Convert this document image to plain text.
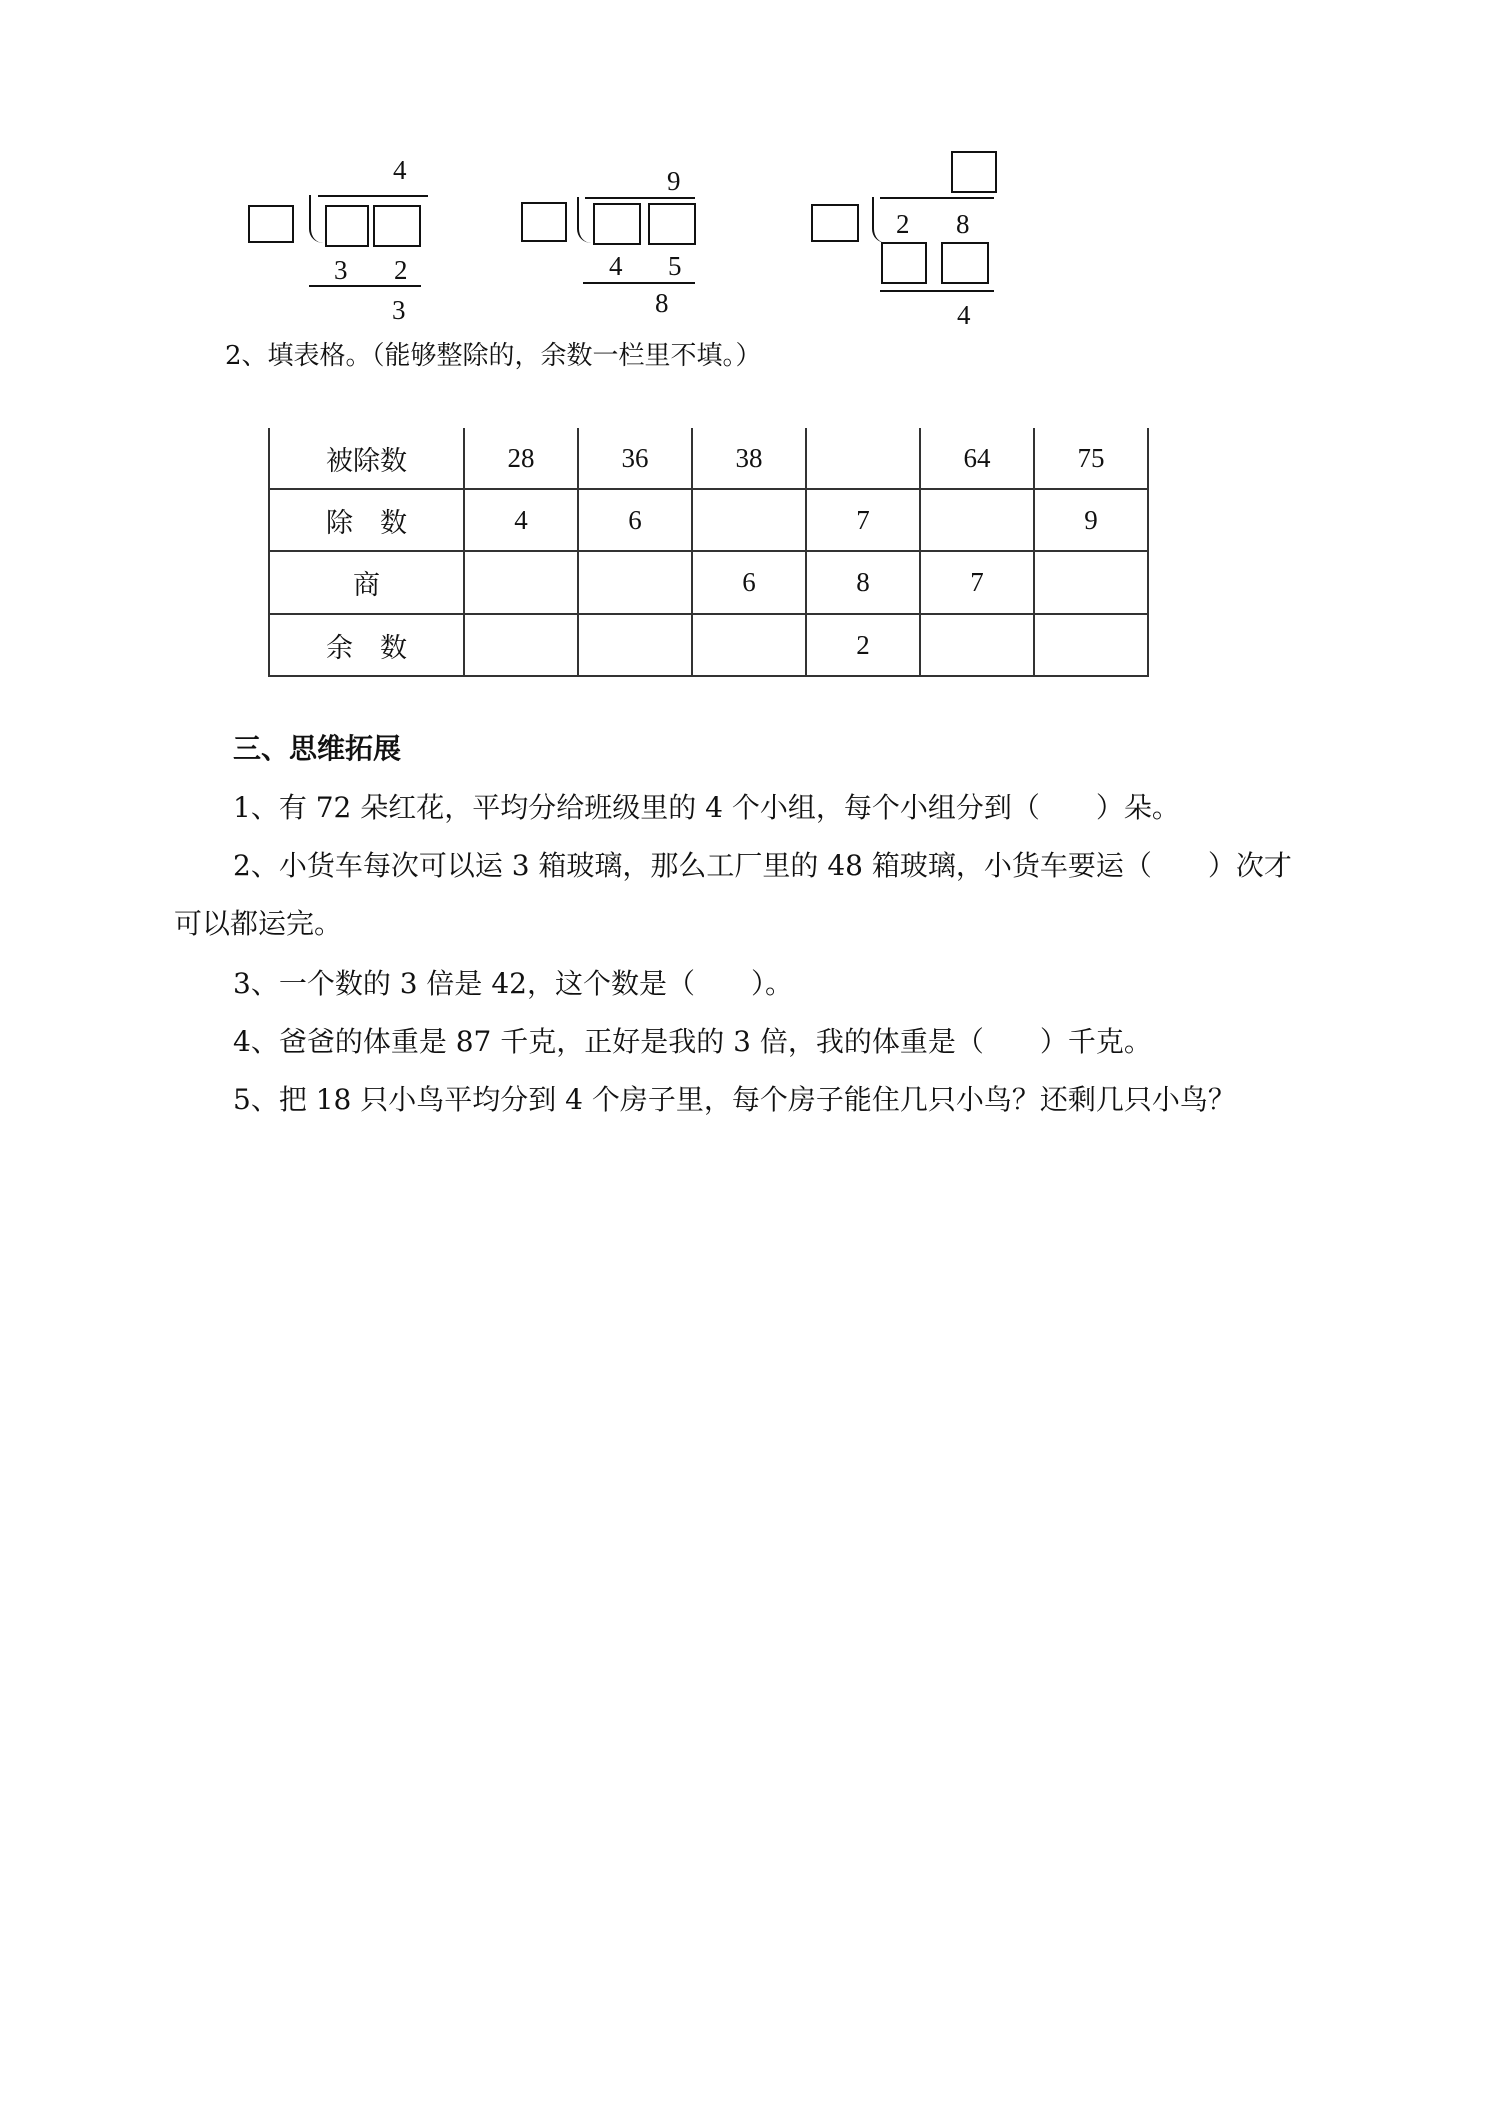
4
3 2
3
9
4 5
8
2 8
4
2、填表格。（能够整除的，余数一栏里不填。）
被除数	28	36	38		64	75
除　数	4	6		7		9
商			6	8	7	
余　数				2		
三、思维拓展
1、有 72 朵红花，平均分给班级里的 4 个小组，每个小组分到（　　）朵。
2、小货车每次可以运 3 箱玻璃，那么工厂里的 48 箱玻璃，小货车要运（　　）次才
可以都运完。
3、一个数的 3 倍是 42，这个数是（　　）。
4、爸爸的体重是 87 千克，正好是我的 3 倍，我的体重是（　　）千克。
5、把 18 只小鸟平均分到 4 个房子里，每个房子能住几只小鸟？还剩几只小鸟？
